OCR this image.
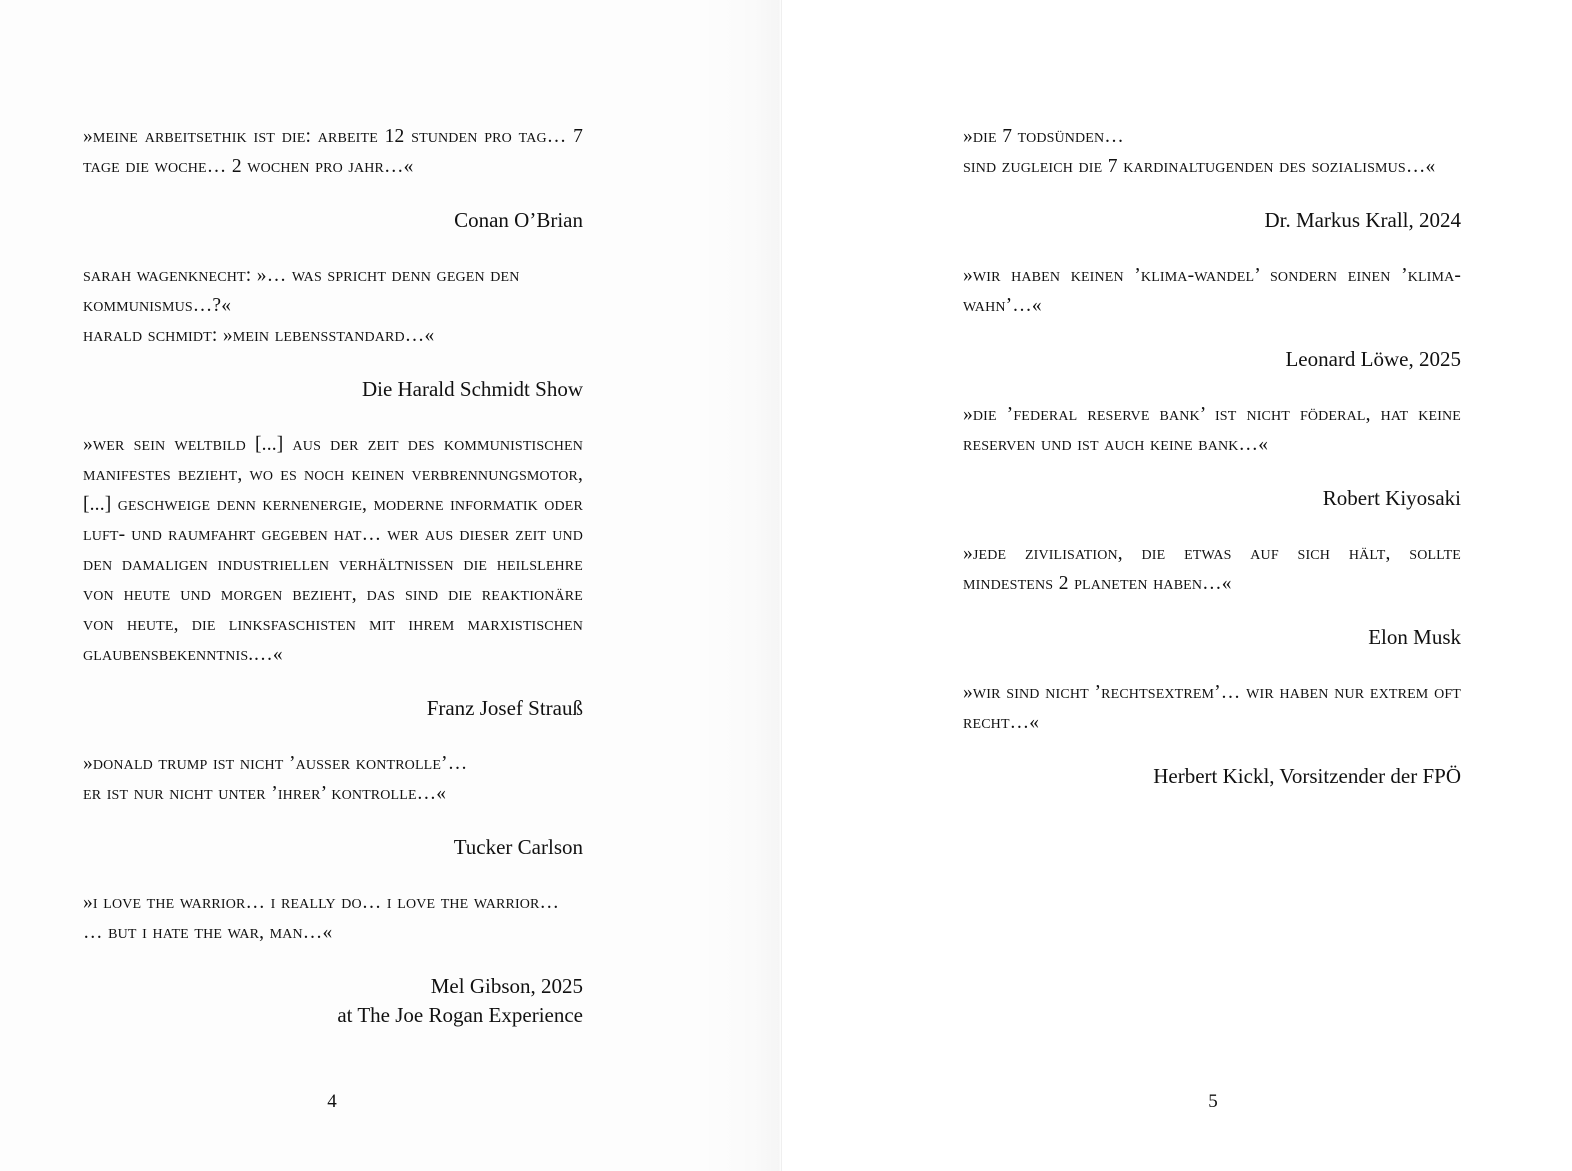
»meine arbeitsethik ist die: arbeite 12 stunden pro tag… 7 tage die woche… 2 wochen pro jahr…«

Conan O’Brian

sarah wagenknecht: »… was spricht denn gegen den kommunismus…?«

harald schmidt: »mein lebensstandard…«

Die Harald Schmidt Show

»wer sein weltbild [...] aus der zeit des kommunistischen manifestes bezieht, wo es noch keinen verbrennungsmotor, [...] geschweige denn kernenergie, moderne informatik oder luft- und raumfahrt gegeben hat… wer aus dieser zeit und den damaligen industriellen verhältnissen die heilslehre von heute und morgen bezieht, das sind die reaktionäre von heute, die linksfaschisten mit ihrem marxistischen glaubensbekenntnis.…«

Franz Josef Strauß

»donald trump ist nicht ’ausser kontrolle’…

er ist nur nicht unter ’ihrer’ kontrolle…«

Tucker Carlson

»i love the warrior… i really do… i love the warrior…

… but i hate the war, man…«

Mel Gibson, 2025
at The Joe Rogan Experience

»die 7 todsünden…

sind zugleich die 7 kardinaltugenden des sozialismus…«

Dr. Markus Krall, 2024

»wir haben keinen ’klima-wandel’ sondern einen ’klima-wahn’…«

Leonard Löwe, 2025

»die ’federal reserve bank’ ist nicht föderal, hat keine reserven und ist auch keine bank…«

Robert Kiyosaki

»jede zivilisation, die etwas auf sich hält, sollte mindestens 2 planeten haben…«

Elon Musk

»wir sind nicht ’rechtsextrem’… wir haben nur extrem oft recht…«

Herbert Kickl, Vorsitzender der FPÖ
4	5
